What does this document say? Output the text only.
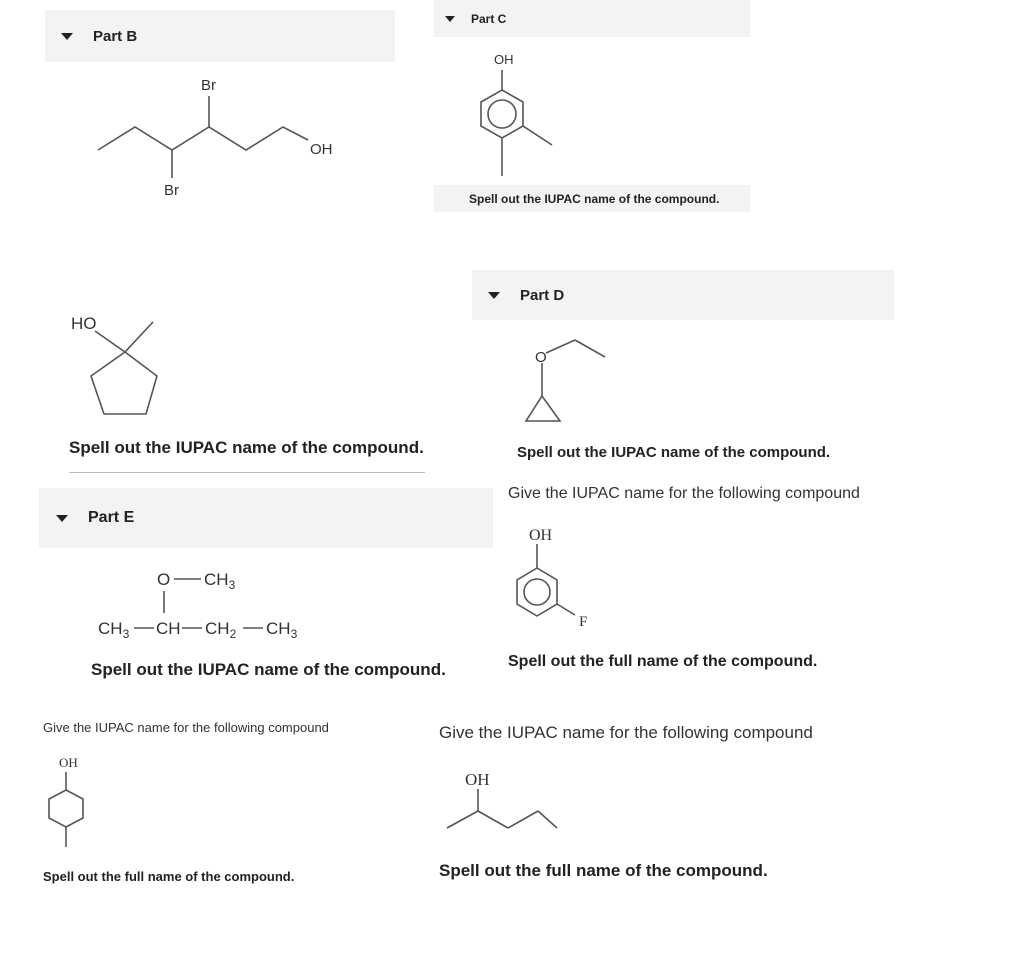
Part B
Br
Br
OH
HO
Spell out the IUPAC name of the compound.
Part C
OH
Spell out the IUPAC name of the compound.
Part D
O
Spell out the IUPAC name of the compound.
Give the IUPAC name for the following compound
OH
F
Spell out the full name of the compound.
Part E
O $CH_3$
$CH_3$ CH $CH_2$ $CH_3$
Spell out the IUPAC name of the compound.
Give the IUPAC name for the following compound
OH
Spell out the full name of the compound.
Give the IUPAC name for the following compound
OH
Spell out the full name of the compound.
